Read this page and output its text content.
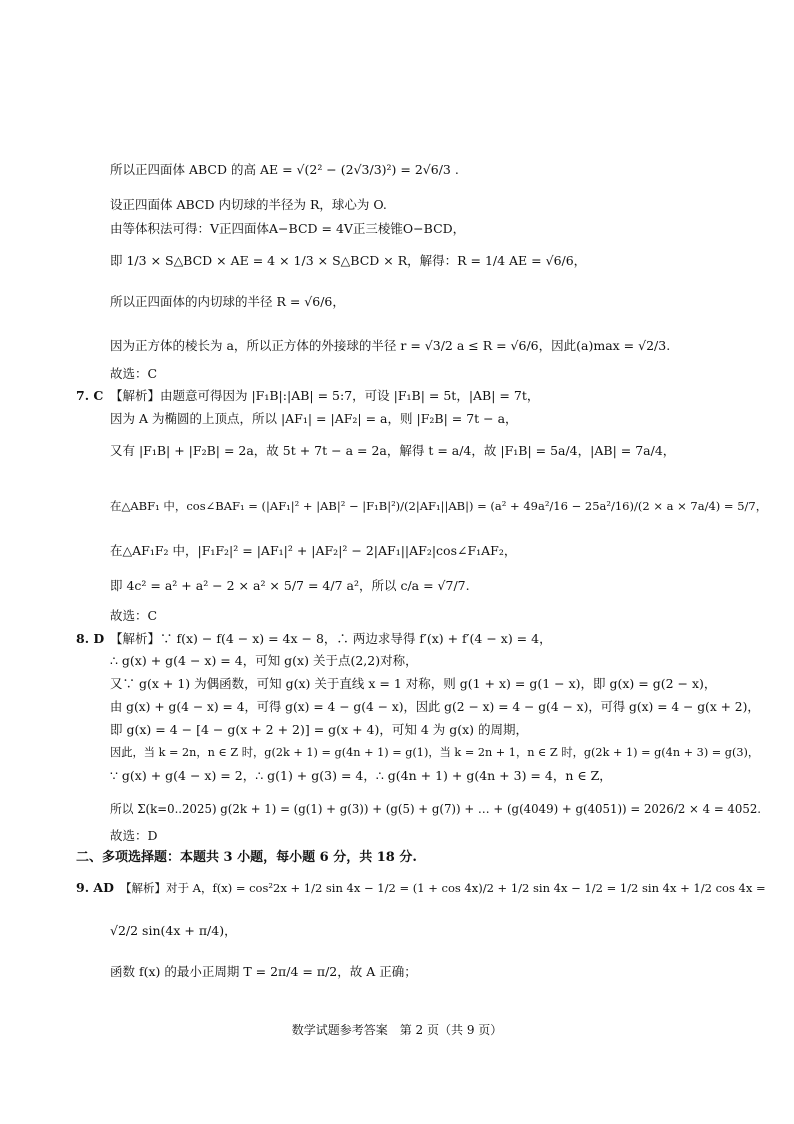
所以正四面体 ABCD 的高 AE = √(2² − (2√3/3)²) = 2√6/3 .
设正四面体 ABCD 内切球的半径为 R，球心为 O.
由等体积法可得：V正四面体A−BCD = 4V正三棱锥O−BCD，
即 1/3 × S△BCD × AE = 4 × 1/3 × S△BCD × R，解得：R = 1/4 AE = √6/6，
所以正四面体的内切球的半径 R = √6/6，
因为正方体的棱长为 a，所以正方体的外接球的半径 r = √3/2 a ≤ R = √6/6，因此(a)max = √2/3.
故选：C
7. C 【解析】由题意可得因为 |F₁B|:|AB| = 5:7，可设 |F₁B| = 5t，|AB| = 7t，
因为 A 为椭圆的上顶点，所以 |AF₁| = |AF₂| = a，则 |F₂B| = 7t − a，
又有 |F₁B| + |F₂B| = 2a，故 5t + 7t − a = 2a，解得 t = a/4，故 |F₁B| = 5a/4，|AB| = 7a/4，
在△ABF₁ 中，cos∠BAF₁ = (|AF₁|² + |AB|² − |F₁B|²)/(2|AF₁||AB|) = (a² + 49a²/16 − 25a²/16)/(2 × a × 7a/4) = 5/7，
在△AF₁F₂ 中，|F₁F₂|² = |AF₁|² + |AF₂|² − 2|AF₁||AF₂|cos∠F₁AF₂，
即 4c² = a² + a² − 2 × a² × 5/7 = 4/7 a²，所以 c/a = √7/7.
故选：C
8. D 【解析】∵ f(x) − f(4 − x) = 4x − 8，∴ 两边求导得 f′(x) + f′(4 − x) = 4，
∴ g(x) + g(4 − x) = 4，可知 g(x) 关于点(2,2)对称，
又∵ g(x + 1) 为偶函数，可知 g(x) 关于直线 x = 1 对称，则 g(1 + x) = g(1 − x)，即 g(x) = g(2 − x)，
由 g(x) + g(4 − x) = 4，可得 g(x) = 4 − g(4 − x)，因此 g(2 − x) = 4 − g(4 − x)，可得 g(x) = 4 − g(x + 2)，
即 g(x) = 4 − [4 − g(x + 2 + 2)] = g(x + 4)，可知 4 为 g(x) 的周期，
因此，当 k = 2n，n ∈ Z 时，g(2k + 1) = g(4n + 1) = g(1)，当 k = 2n + 1，n ∈ Z 时，g(2k + 1) = g(4n + 3) = g(3)，
∵ g(x) + g(4 − x) = 2，∴ g(1) + g(3) = 4，∴ g(4n + 1) + g(4n + 3) = 4，n ∈ Z，
所以 Σ(k=0..2025) g(2k + 1) = (g(1) + g(3)) + (g(5) + g(7)) + … + (g(4049) + g(4051)) = 2026/2 × 4 = 4052.
故选：D
二、多项选择题：本题共 3 小题，每小题 6 分，共 18 分.
9. AD 【解析】对于 A，f(x) = cos²2x + 1/2 sin 4x − 1/2 = (1 + cos 4x)/2 + 1/2 sin 4x − 1/2 = 1/2 sin 4x + 1/2 cos 4x =
√2/2 sin(4x + π/4)，
函数 f(x) 的最小正周期 T = 2π/4 = π/2，故 A 正确；
数学试题参考答案　第 2 页（共 9 页）
